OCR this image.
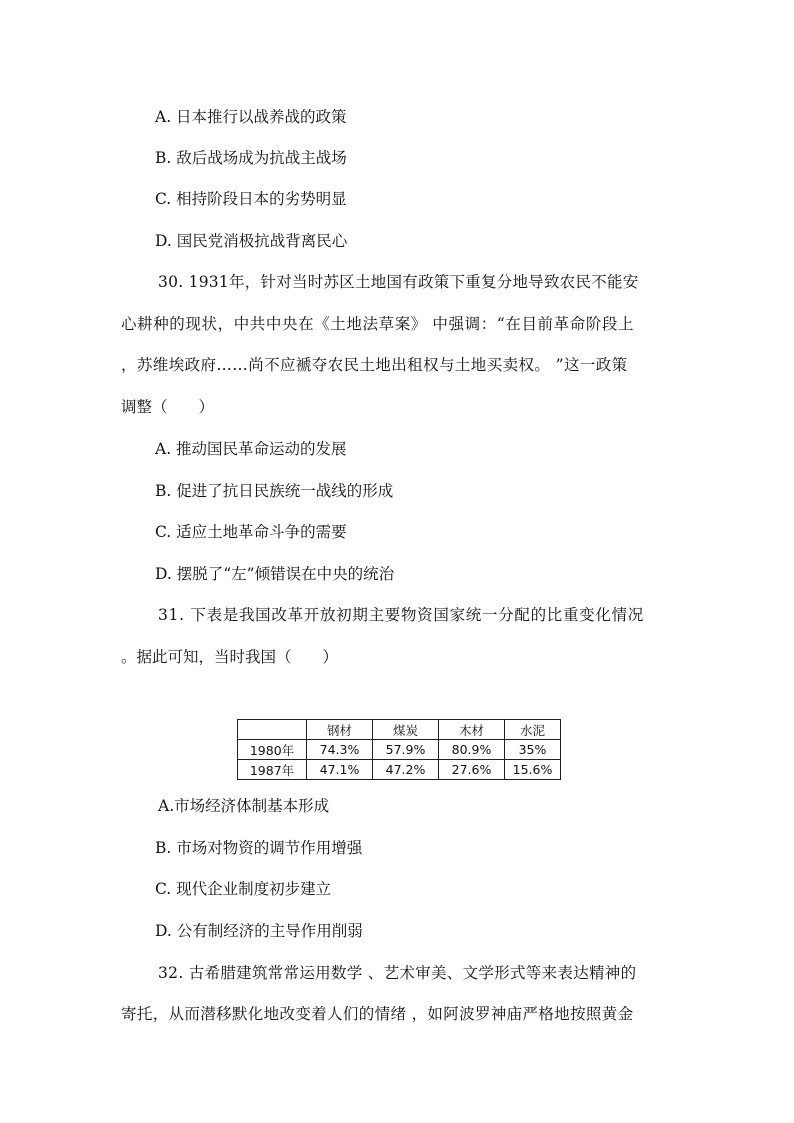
A. 日本推行以战养战的政策
B. 敌后战场成为抗战主战场
C. 相持阶段日本的劣势明显
D. 国民党消极抗战背离民心
30. 1931年，针对当时苏区土地国有政策下重复分地导致农民不能安
心耕种的现状，中共中央在《土地法草案》 中强调：“在目前革命阶段上
，苏维埃政府……尚不应褫夺农民土地出租权与土地买卖权。 ”这一政策
调整（　　）
A. 推动国民革命运动的发展
B. 促进了抗日民族统一战线的形成
C. 适应土地革命斗争的需要
D. 摆脱了“左”倾错误在中央的统治
31. 下表是我国改革开放初期主要物资国家统一分配的比重变化情况
。据此可知，当时我国（　　）
	钢材	煤炭	木材	水泥
1980年	74.3%	57.9%	80.9%	35%
1987年	47.1%	47.2%	27.6%	15.6%
A.市场经济体制基本形成
B. 市场对物资的调节作用增强
C. 现代企业制度初步建立
D. 公有制经济的主导作用削弱
32. 古希腊建筑常常运用数学 、艺术审美、文学形式等来表达精神的
寄托，从而潜移默化地改变着人们的情绪 ，如阿波罗神庙严格地按照黄金
